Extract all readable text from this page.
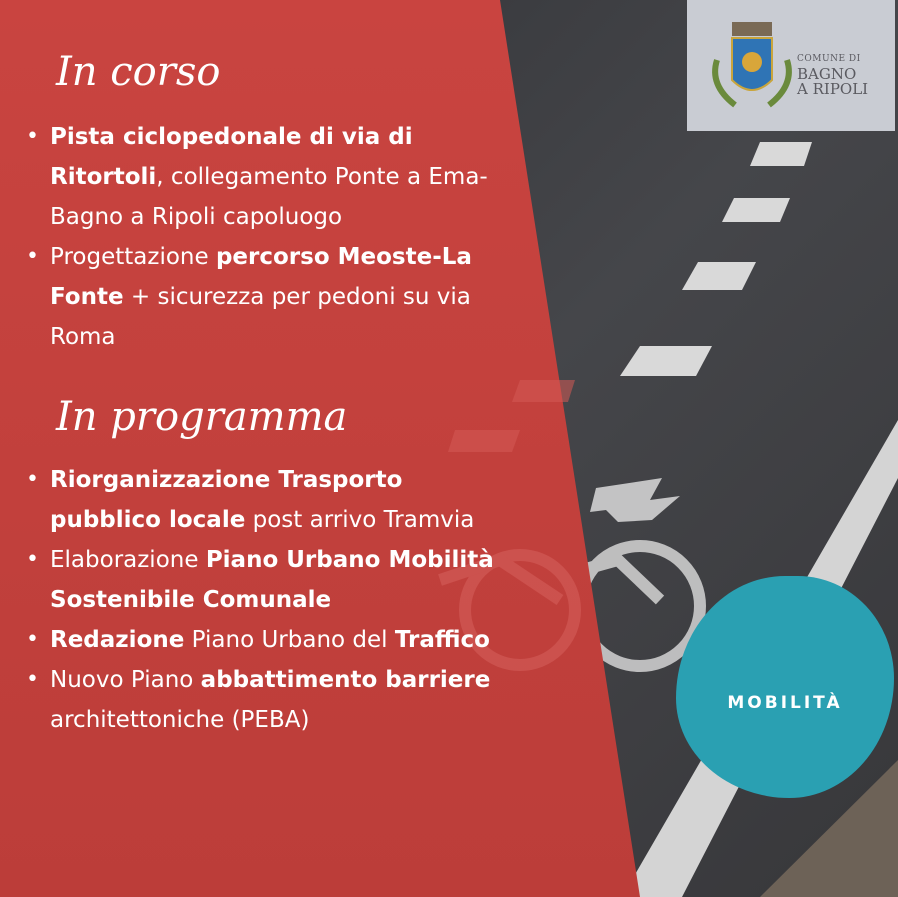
COMUNE DI
BAGNO
A RIPOLI
In corso
• Pista ciclopedonale di via di Ritortoli, collegamento Ponte a Ema-Bagno a Ripoli capoluogo
• Progettazione percorso Meoste-La Fonte + sicurezza per pedoni su via Roma
In programma
• Riorganizzazione Trasporto pubblico locale post arrivo Tramvia
• Elaborazione Piano Urbano Mobilità Sostenibile Comunale
• Redazione Piano Urbano del Traffico
• Nuovo Piano abbattimento barriere architettoniche (PEBA)
MOBILITÀ
